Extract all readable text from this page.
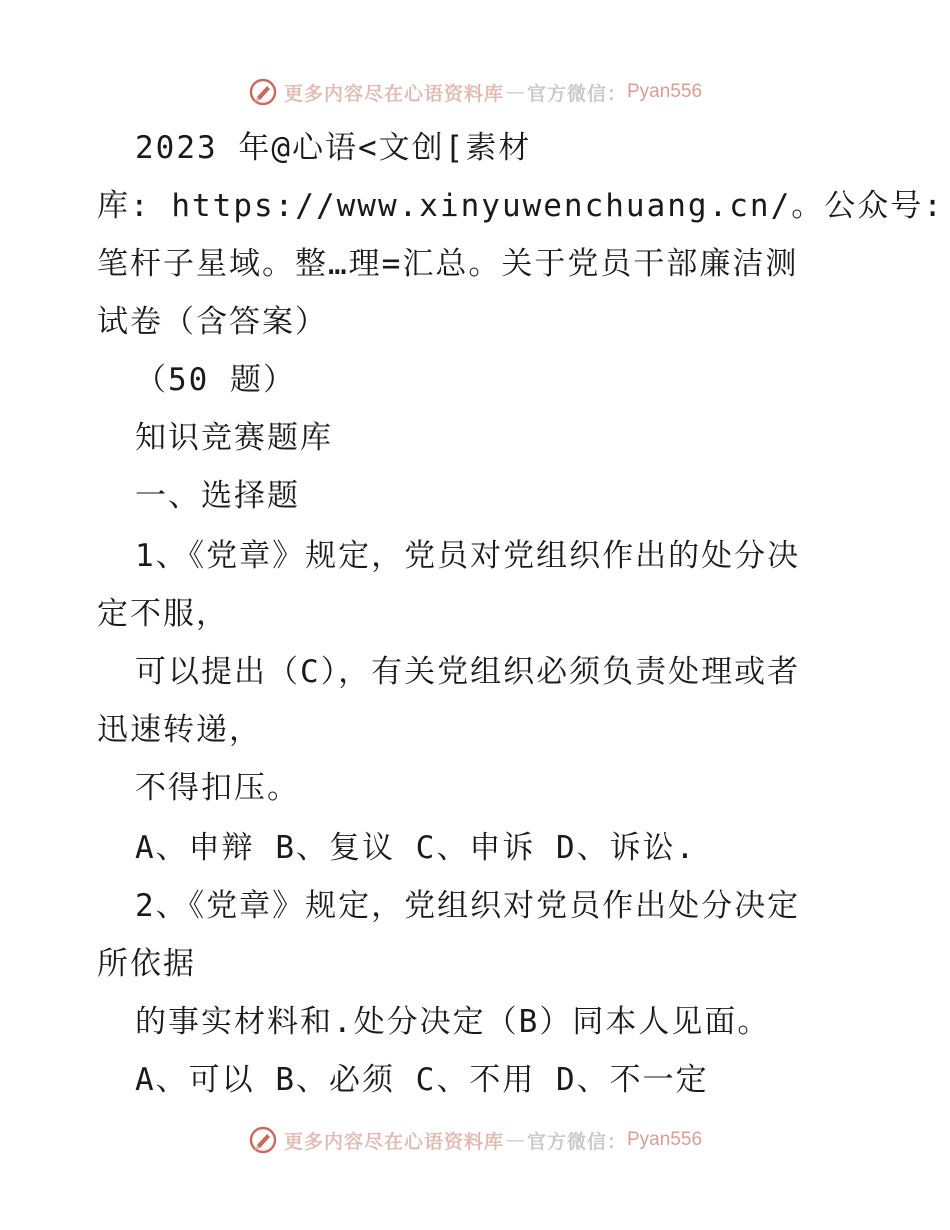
更多内容尽在心语资料库 — 官方微信： Pyan556
2023 年@心语<文创[素材
库: https://www.xinyuwenchuang.cn/。公众号:
笔杆子星域。整…理=汇总。关于党员干部廉洁测
试卷（含答案）
（50 题）
知识竞赛题库
一、选择题
1、《党章》规定，党员对党组织作出的处分决
定不服，
可以提出（C），有关党组织必须负责处理或者
迅速转递，
不得扣压。
A、申辩 B、复议 C、申诉 D、诉讼.
2、《党章》规定，党组织对党员作出处分决定
所依据
的事实材料和.处分决定（B）同本人见面。
A、可以 B、必须 C、不用 D、不一定
更多内容尽在心语资料库 — 官方微信： Pyan556
